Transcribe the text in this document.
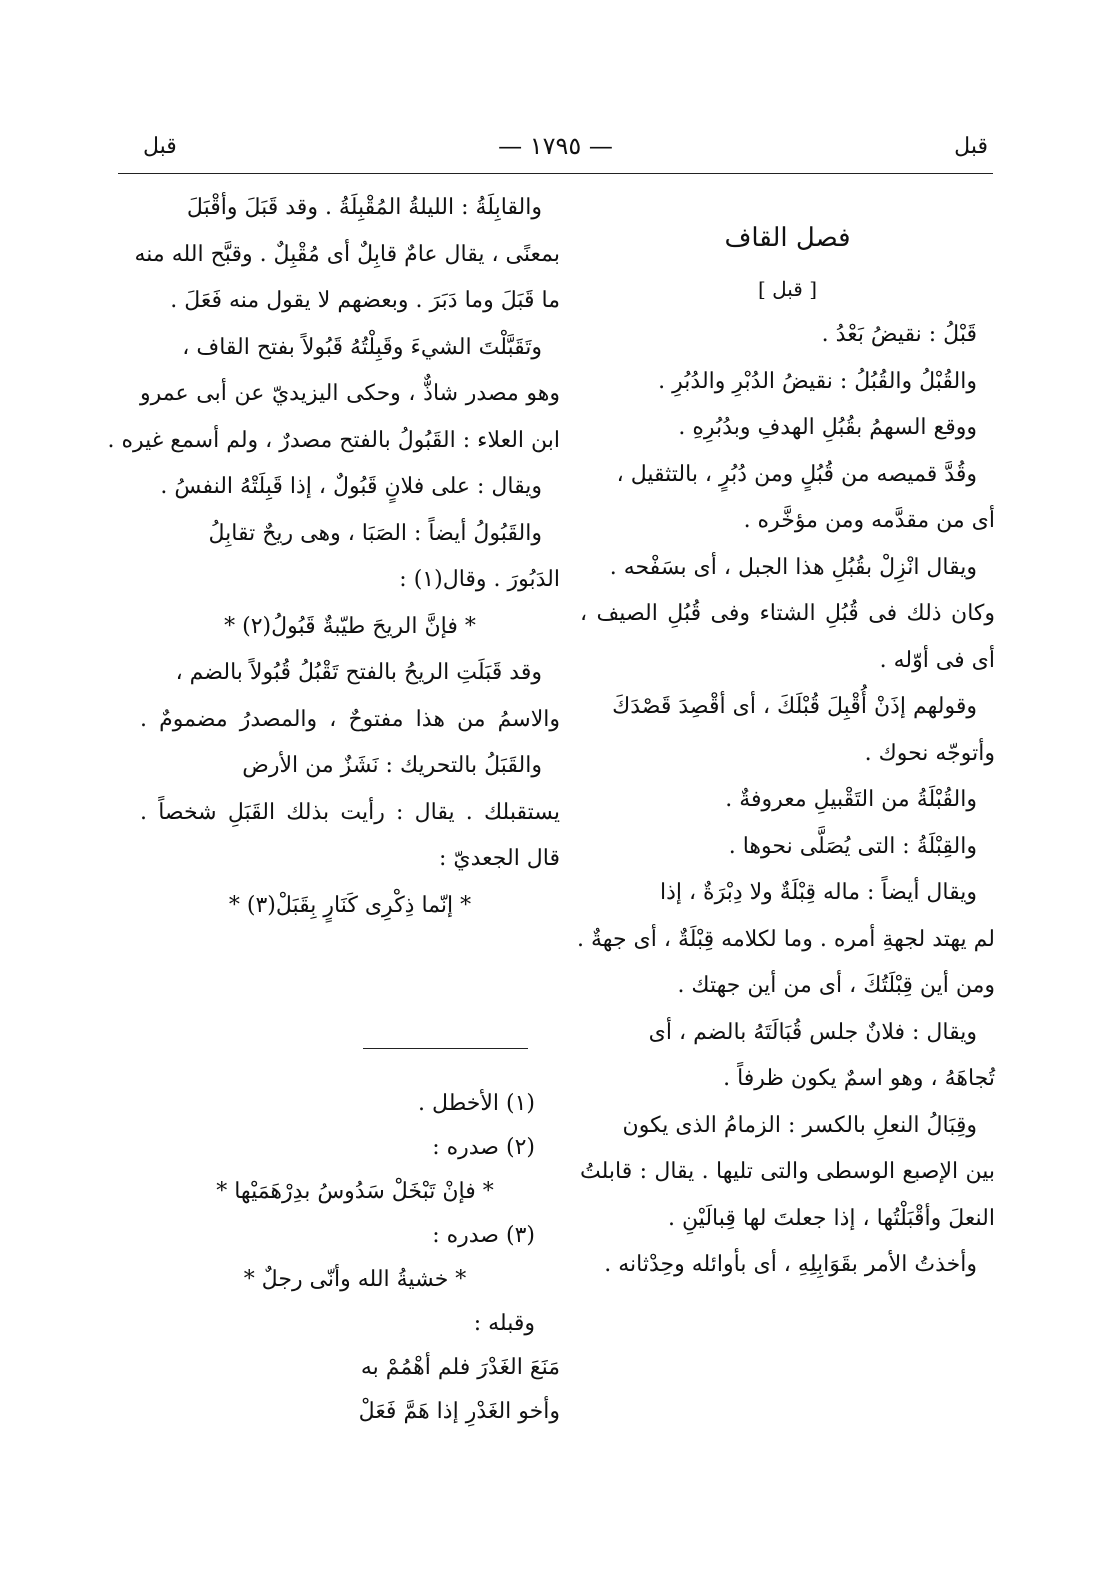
قبل
— ١٧٩٥ —
قبل
فصل القاف
[ قبل ]
قَبْلُ : نقيضُ بَعْدُ .
والقُبْلُ والقُبُلُ : نقيضُ الدُبْرِ والدُبُرِ .
ووقع السهمُ بقُبُلِ الهدفِ وبدُبُرِهِ .
وقُدَّ قميصه من قُبُلٍ ومن دُبُرٍ ، بالتثقيل ،
أى من مقدَّمه ومن مؤخَّره .
ويقال انْزِلْ بقُبُلِ هذا الجبل ، أى بسَفْحه .
وكان ذلك فى قُبُلِ الشتاء وفى قُبُلِ الصيف ،
أى فى أوّله .
وقولهم إذَنْ أُقْبِلَ قُبْلَكَ ، أى أقْصِدَ قَصْدَكَ
وأتوجّه نحوك .
والقُبْلَةُ من التَقْبيلِ معروفةٌ .
والقِبْلَةُ : التى يُصَلَّى نحوها .
ويقال أيضاً : ماله قِبْلَةٌ ولا دِبْرَةٌ ، إذا
لم يهتد لجهةِ أمره . وما لكلامه قِبْلَةٌ ، أى جهةٌ .
ومن أين قِبْلَتُكَ ، أى من أين جهتك .
ويقال : فلانٌ جلس قُبَالَتَهُ بالضم ، أى
تُجاهَهُ ، وهو اسمٌ يكون ظرفاً .
وقِبَالُ النعلِ بالكسر : الزمامُ الذى يكون
بين الإصبع الوسطى والتى تليها . يقال : قابلتُ
النعلَ وأقْبَلْتُها ، إذا جعلتَ لها قِبالَيْنِ .
وأخذتُ الأمر بقَوَابِلِهِ ، أى بأوائله وحِدْثانه .
والقابِلَةُ : الليلةُ المُقْبِلَةُ . وقد قَبَلَ وأقْبَلَ
بمعنًى ، يقال عامٌ قابِلٌ أى مُقْبِلٌ . وقبَّح الله منه
ما قَبَلَ وما دَبَرَ . وبعضهم لا يقول منه فَعَلَ .
وتَقَبَّلْتَ الشيءَ وقَبِلْتُهُ قَبُولاً بفتح القاف ،
وهو مصدر شاذٌّ ، وحكى اليزيديّ عن أبى عمرو
ابن العلاء : القَبُولُ بالفتح مصدرٌ ، ولم أسمع غيره .
ويقال : على فلانٍ قَبُولٌ ، إذا قَبِلَتْهُ النفسُ .
والقَبُولُ أيضاً : الصَبَا ، وهى ريحٌ تقابِلُ
الدَبُورَ . وقال(١) :
* فإنَّ الريحَ طيّبةٌ قَبُولُ(٢) *
وقد قَبَلَتِ الريحُ بالفتح تَقْبُلُ قُبُولاً بالضم ،
والاسمُ من هذا مفتوحٌ ، والمصدرُ مضمومٌ .
والقَبَلُ بالتحريك : نَشَزٌ من الأرض
يستقبلك . يقال : رأيت بذلك القَبَلِ شخصاً .
قال الجعديّ :
* إنّما ذِكْرِى كَنَارٍ بِقَبَلْ(٣) *
(١) الأخطل .
(٢) صدره :
* فإنْ تَبْخَلْ سَدُوسُ بدِرْهَمَيْها *
(٣) صدره :
* خشيةُ الله وأنّى رجلٌ *
وقبله :
مَنَعَ الغَدْرَ فلم أهْمُمْ به
وأخو الغَدْرِ إذا هَمَّ فَعَلْ
